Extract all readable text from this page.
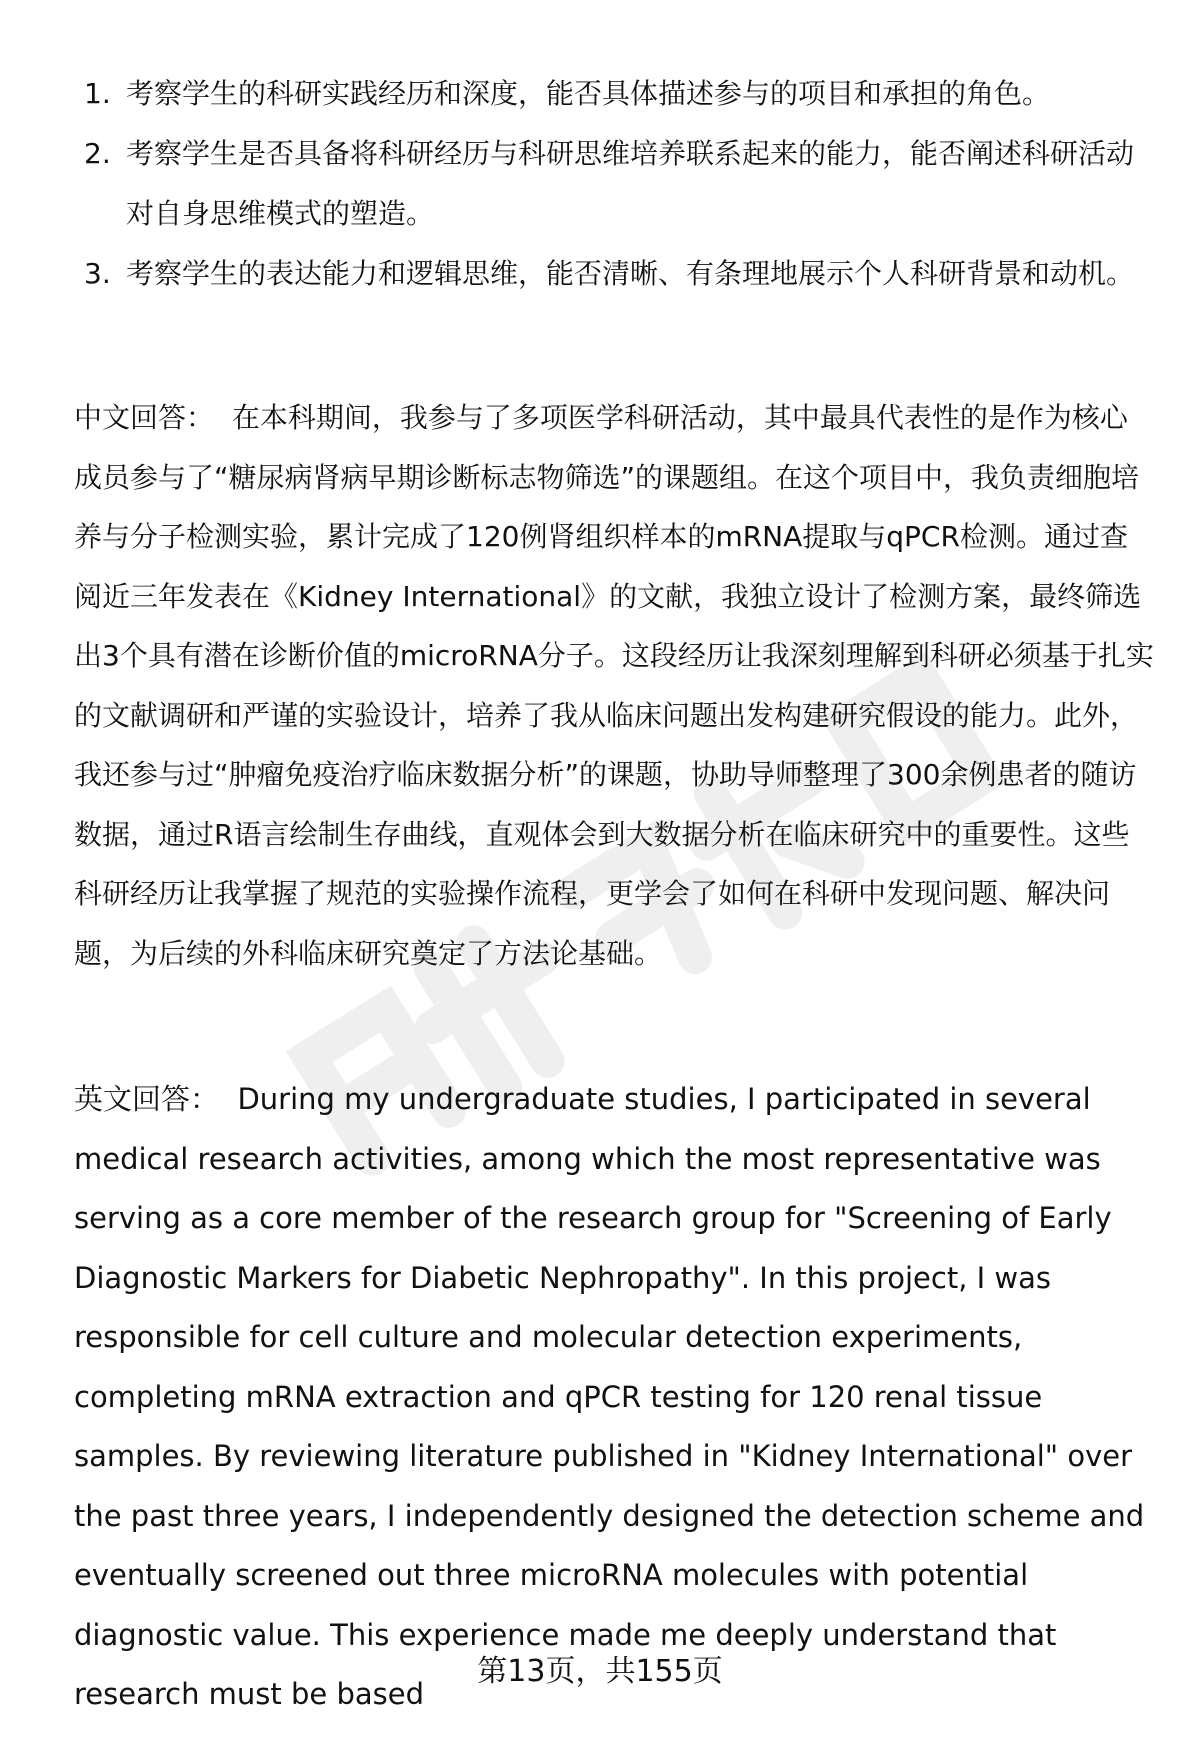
1. 考察学生的科研实践经历和深度，能否具体描述参与的项目和承担的角色。
2. 考察学生是否具备将科研经历与科研思维培养联系起来的能力，能否阐述科研活动对自身思维模式的塑造。
3. 考察学生的表达能力和逻辑思维，能否清晰、有条理地展示个人科研背景和动机。

中文回答： 在本科期间，我参与了多项医学科研活动，其中最具代表性的是作为核心成员参与了“糖尿病肾病早期诊断标志物筛选”的课题组。在这个项目中，我负责细胞培养与分子检测实验，累计完成了120例肾组织样本的mRNA提取与qPCR检测。通过查阅近三年发表在《Kidney International》的文献，我独立设计了检测方案，最终筛选出3个具有潜在诊断价值的microRNA分子。这段经历让我深刻理解到科研必须基于扎实的文献调研和严谨的实验设计，培养了我从临床问题出发构建研究假设的能力。此外，我还参与过“肿瘤免疫治疗临床数据分析”的课题，协助导师整理了300余例患者的随访数据，通过R语言绘制生存曲线，直观体会到大数据分析在临床研究中的重要性。这些科研经历让我掌握了规范的实验操作流程，更学会了如何在科研中发现问题、解决问题，为后续的外科临床研究奠定了方法论基础。

英文回答： During my undergraduate studies, I participated in several medical research activities, among which the most representative was serving as a core member of the research group for "Screening of Early Diagnostic Markers for Diabetic Nephropathy". In this project, I was responsible for cell culture and molecular detection experiments, completing mRNA extraction and qPCR testing for 120 renal tissue samples. By reviewing literature published in "Kidney International" over the past three years, I independently designed the detection scheme and eventually screened out three microRNA molecules with potential diagnostic value. This experience made me deeply understand that research must be based

第13页，共155页
